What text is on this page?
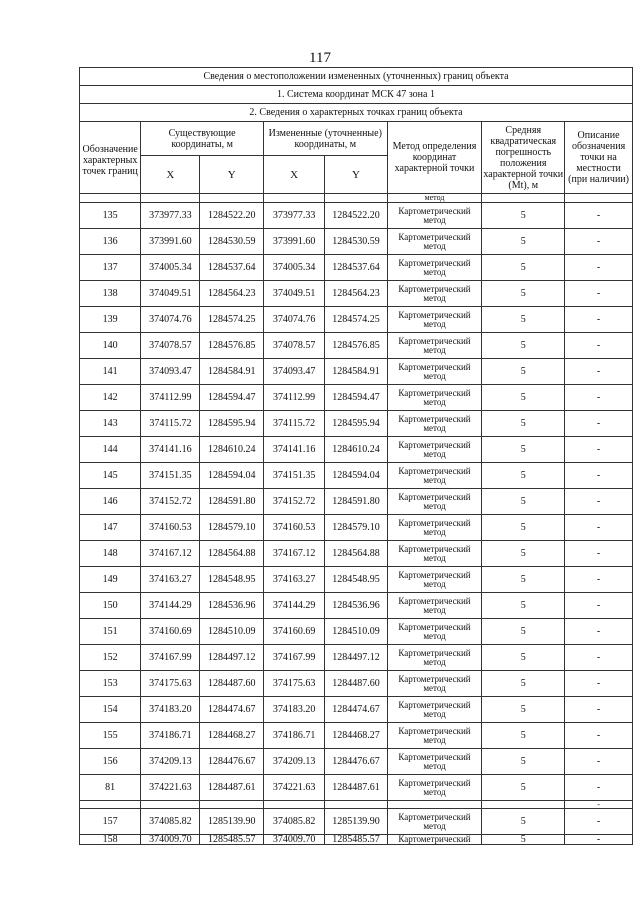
117
Сведения о местоположении измененных (уточненных) границ объекта							
1. Система координат МСК 47 зона 1							
2. Сведения о характерных точках границ объекта							
Обозначение характерных точек границ	Существующие координаты, м		Измененные (уточненные) координаты, м		Метод определения координат характерной точки	Средняя квадратическая погрешность положения характерной точки (Mt), м	Описание обозначения точки на местности (при наличии)
	X	Y	X	Y			
					метод		
135	373977.33	1284522.20	373977.33	1284522.20	Картометрический метод	5	-
136	373991.60	1284530.59	373991.60	1284530.59	Картометрический метод	5	-
137	374005.34	1284537.64	374005.34	1284537.64	Картометрический метод	5	-
138	374049.51	1284564.23	374049.51	1284564.23	Картометрический метод	5	-
139	374074.76	1284574.25	374074.76	1284574.25	Картометрический метод	5	-
140	374078.57	1284576.85	374078.57	1284576.85	Картометрический метод	5	-
141	374093.47	1284584.91	374093.47	1284584.91	Картометрический метод	5	-
142	374112.99	1284594.47	374112.99	1284594.47	Картометрический метод	5	-
143	374115.72	1284595.94	374115.72	1284595.94	Картометрический метод	5	-
144	374141.16	1284610.24	374141.16	1284610.24	Картометрический метод	5	-
145	374151.35	1284594.04	374151.35	1284594.04	Картометрический метод	5	-
146	374152.72	1284591.80	374152.72	1284591.80	Картометрический метод	5	-
147	374160.53	1284579.10	374160.53	1284579.10	Картометрический метод	5	-
148	374167.12	1284564.88	374167.12	1284564.88	Картометрический метод	5	-
149	374163.27	1284548.95	374163.27	1284548.95	Картометрический метод	5	-
150	374144.29	1284536.96	374144.29	1284536.96	Картометрический метод	5	-
151	374160.69	1284510.09	374160.69	1284510.09	Картометрический метод	5	-
152	374167.99	1284497.12	374167.99	1284497.12	Картометрический метод	5	-
153	374175.63	1284487.60	374175.63	1284487.60	Картометрический метод	5	-
154	374183.20	1284474.67	374183.20	1284474.67	Картометрический метод	5	-
155	374186.71	1284468.27	374186.71	1284468.27	Картометрический метод	5	-
156	374209.13	1284476.67	374209.13	1284476.67	Картометрический метод	5	-
81	374221.63	1284487.61	374221.63	1284487.61	Картометрический метод	5	-
							-
157	374085.82	1285139.90	374085.82	1285139.90	Картометрический метод	5	-
158	374009.70	1285485.57	374009.70	1285485.57	Картометрический	5	-
